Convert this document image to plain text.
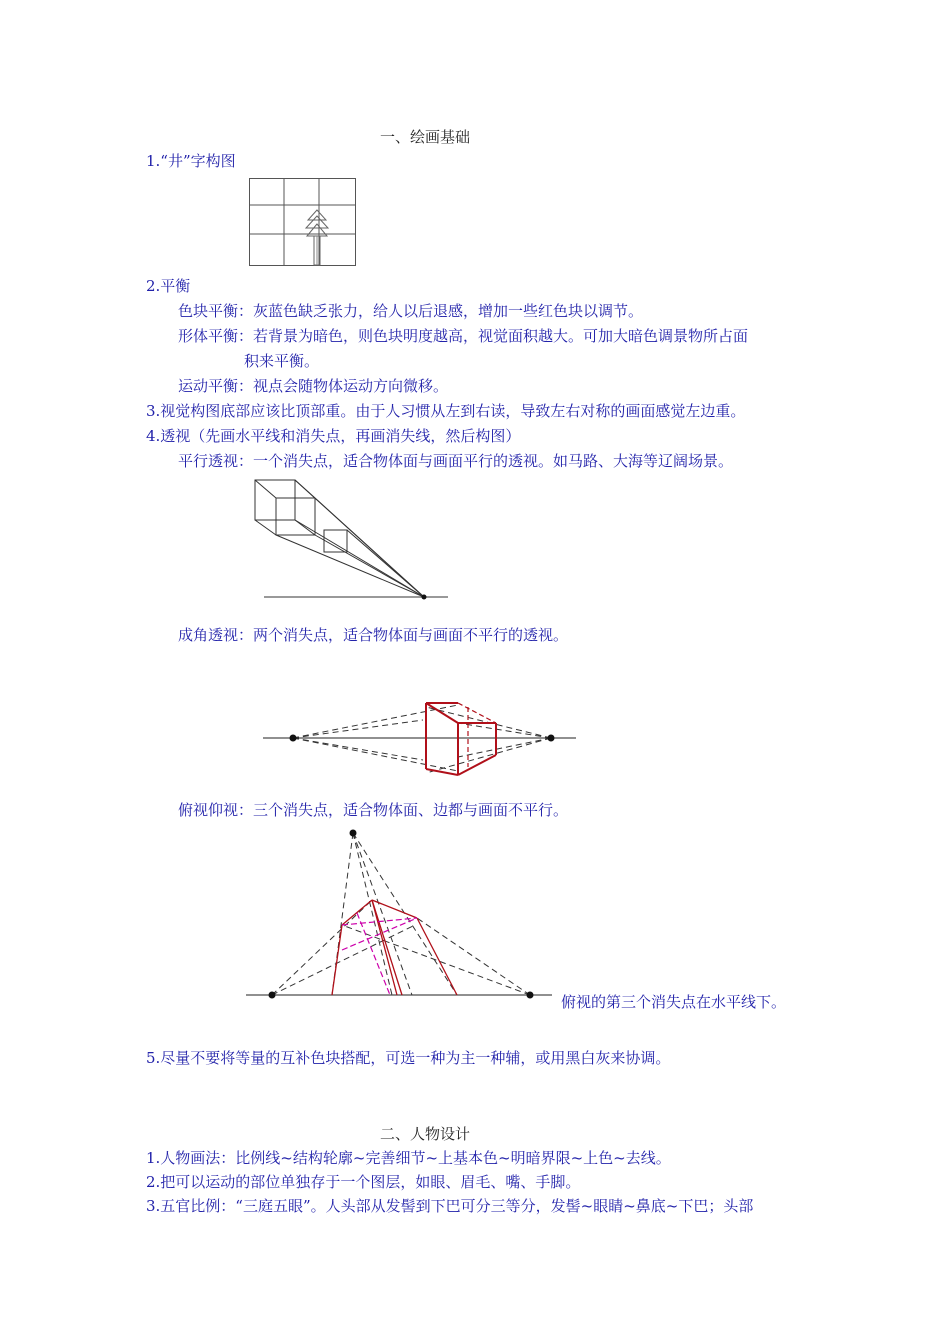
一、绘画基础
1.“井”字构图
2.平衡
色块平衡：灰蓝色缺乏张力，给人以后退感，增加一些红色块以调节。
形体平衡：若背景为暗色，则色块明度越高，视觉面积越大。可加大暗色调景物所占面
积来平衡。
运动平衡：视点会随物体运动方向微移。
3.视觉构图底部应该比顶部重。由于人习惯从左到右读，导致左右对称的画面感觉左边重。
4.透视（先画水平线和消失点，再画消失线，然后构图）
平行透视：一个消失点，适合物体面与画面平行的透视。如马路、大海等辽阔场景。
成角透视：两个消失点，适合物体面与画面不平行的透视。
俯视仰视：三个消失点，适合物体面、边都与画面不平行。
俯视的第三个消失点在水平线下。
5.尽量不要将等量的互补色块搭配，可选一种为主一种辅，或用黑白灰来协调。
二、人物设计
1.人物画法：比例线~结构轮廓~完善细节~上基本色~明暗界限~上色~去线。
2.把可以运动的部位单独存于一个图层，如眼、眉毛、嘴、手脚。
3.五官比例：“三庭五眼”。人头部从发髻到下巴可分三等分，发髻~眼睛~鼻底~下巴；头部
